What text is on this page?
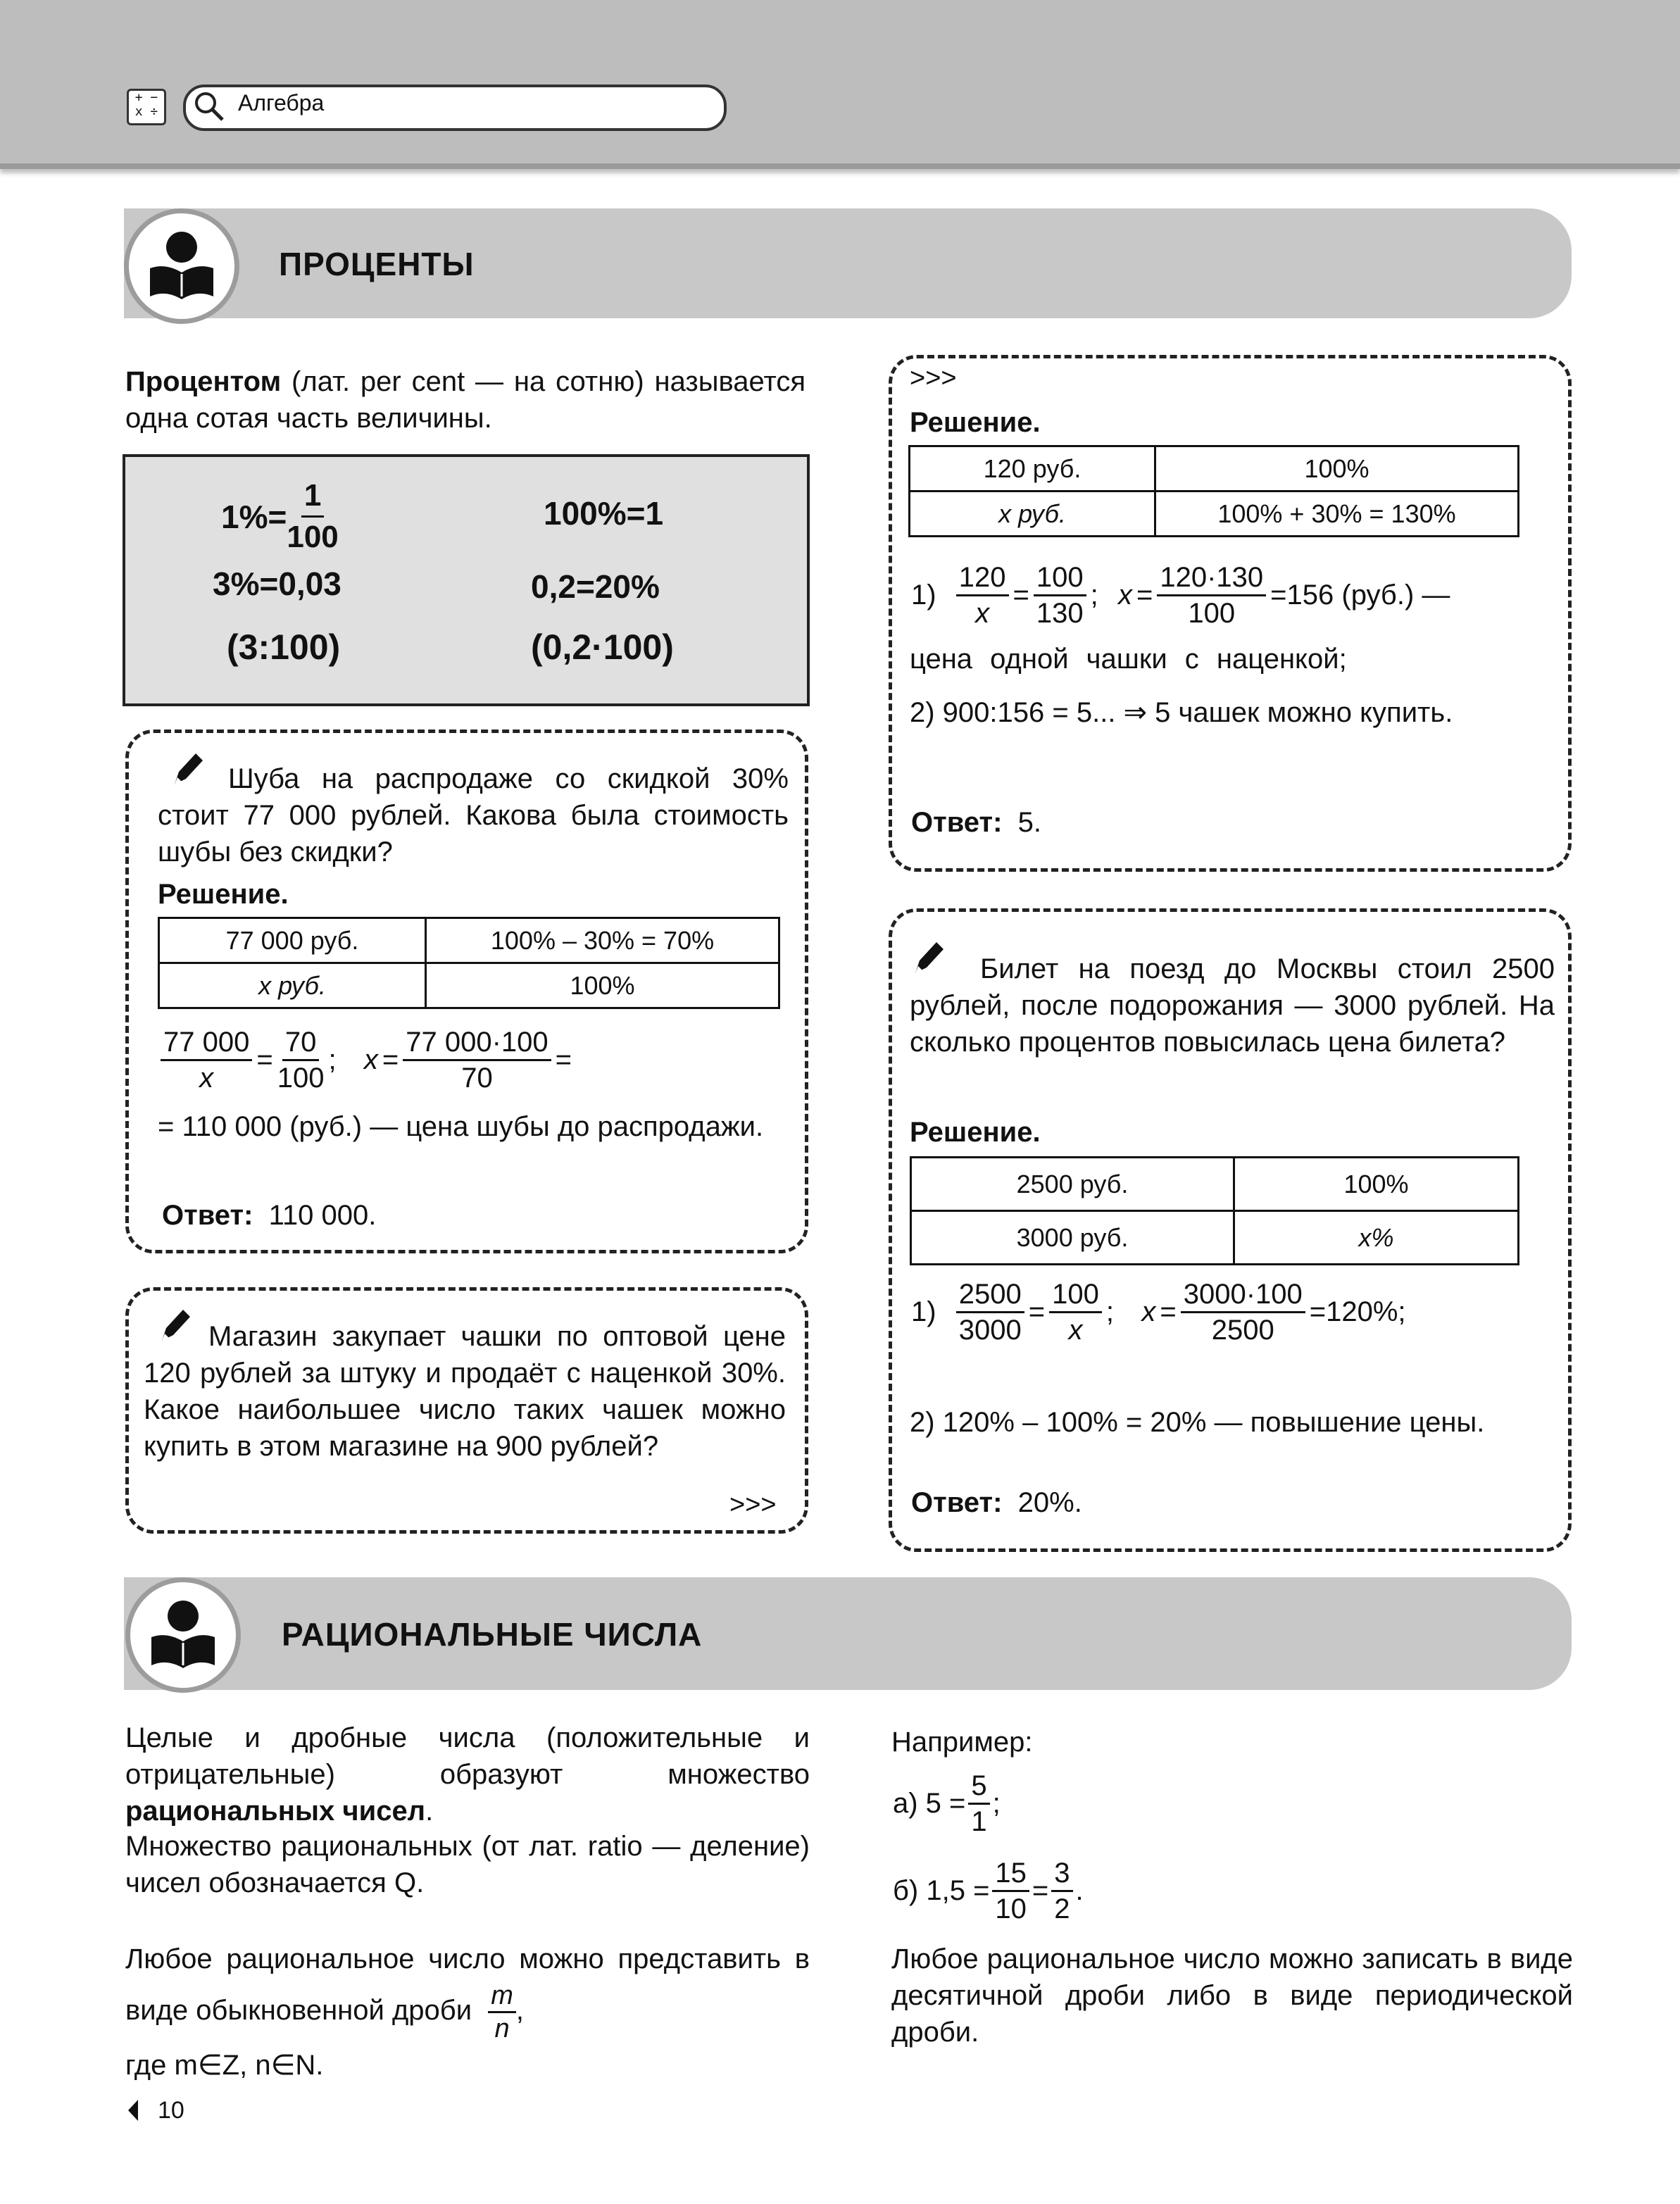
+ −
x ÷	Алгебра
ПРОЦЕНТЫ
Процентом (лат. per cent — на сотню) называется одна сотая часть величины.
$1\%= \frac{1}{100}$	100%=1
3%=0,03	0,2=20%
(3:100)	(0,2·100)
Шуба на распродаже со скидкой 30% стоит 77 000 рублей. Какова была стоимость шубы без скидки?
Решение.
77 000 руб.	100% – 30% = 70%
x руб.	100%
$\frac{77 000}{x} = \frac{70}{100}$ ; $x = \frac{77 000\cdot 100}{70}$ =
= 110 000 (руб.) — цена шубы до распродажи.
Ответ: 110 000.
Магазин закупает чашки по оптовой цене 120 рублей за штуку и продаёт с наценкой 30%. Какое наибольшее число таких чашек можно купить в этом магазине на 900 рублей?
>>>
>>>
Решение.
120 руб.	100%
x руб.	100% + 30% = 130%
$1) \frac{120}{x} = \frac{100}{130}$ ; $x = \frac{120\cdot 130}{100} =156$ (руб.) —
цена одной чашки с наценкой;
2) 900:156 = 5... ⇒ 5 чашек можно купить.
Ответ: 5.
Билет на поезд до Москвы стоил 2500 рублей, после подорожания — 3000 рублей. На сколько процентов повысилась цена билета?
Решение.
2500 руб.	100%
3000 руб.	x%
$1) \frac{2500}{3000} = \frac{100}{x}$ ; $x = \frac{3000\cdot 100}{2500} =120\%$;
2) 120% – 100% = 20% — повышение цены.
Ответ: 20%.
РАЦИОНАЛЬНЫЕ ЧИСЛА
Целые и дробные числа (положительные и отрицательные) образуют множество рациональных чисел.
Множество рациональных (от лат. ratio — деление) чисел обозначается Q.
Любое рациональное число можно представить в виде обыкновенной дроби $\frac{m}{n}$ ,
где m∈Z, n∈N.
Например:
а) $5 = \frac{5}{1}$ ;
б) $1,5 = \frac{15}{10} = \frac{3}{2}$ .
Любое рациональное число можно записать в виде десятичной дроби либо в виде периодической дроби.
10
